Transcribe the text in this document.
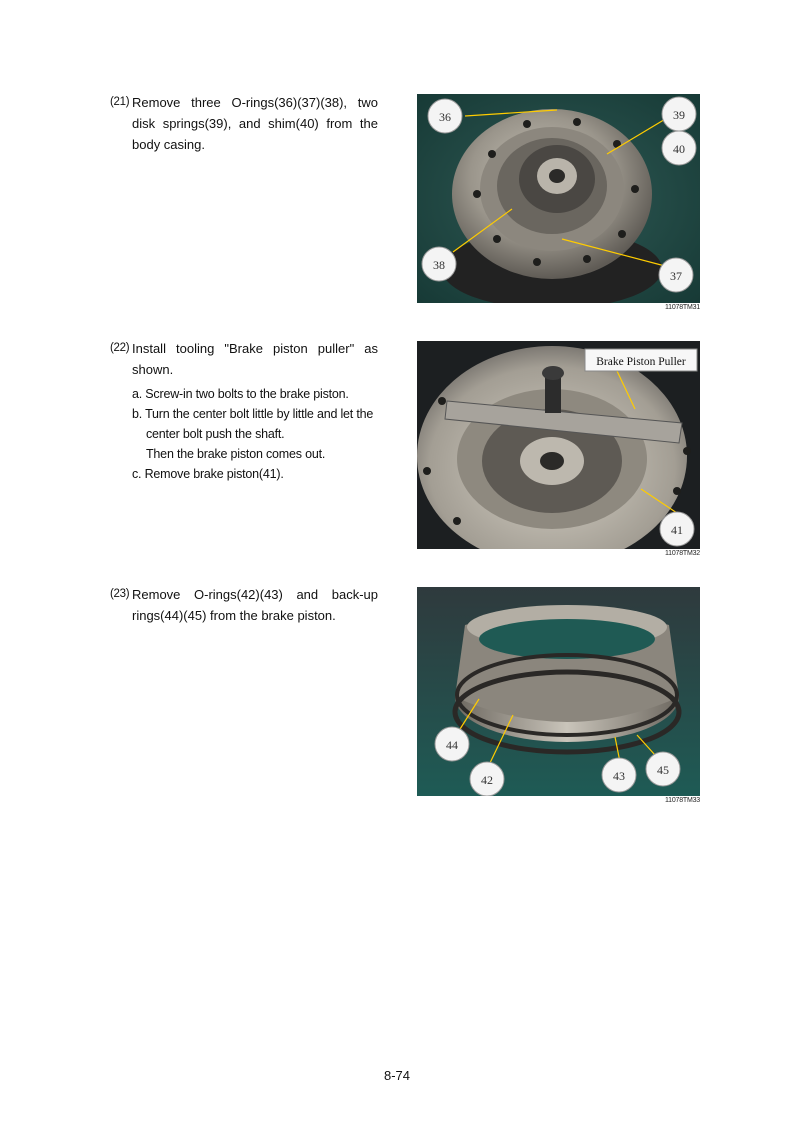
(21) Remove three O-rings(36)(37)(38), two disk springs(39), and shim(40) from the body casing.
36	39
40
38
37
11078TM31
(22) Install tooling "Brake piston puller" as shown.
a. Screw-in two bolts to the brake piston.
b. Turn the center bolt little by little and let the center bolt push the shaft.
Then the brake piston comes out.
c. Remove brake piston(41).
Brake Piston Puller
41
11078TM32
(23) Remove O-rings(42)(43) and back-up rings(44)(45) from the brake piston.
44
42	43	45
11078TM33
8-74
